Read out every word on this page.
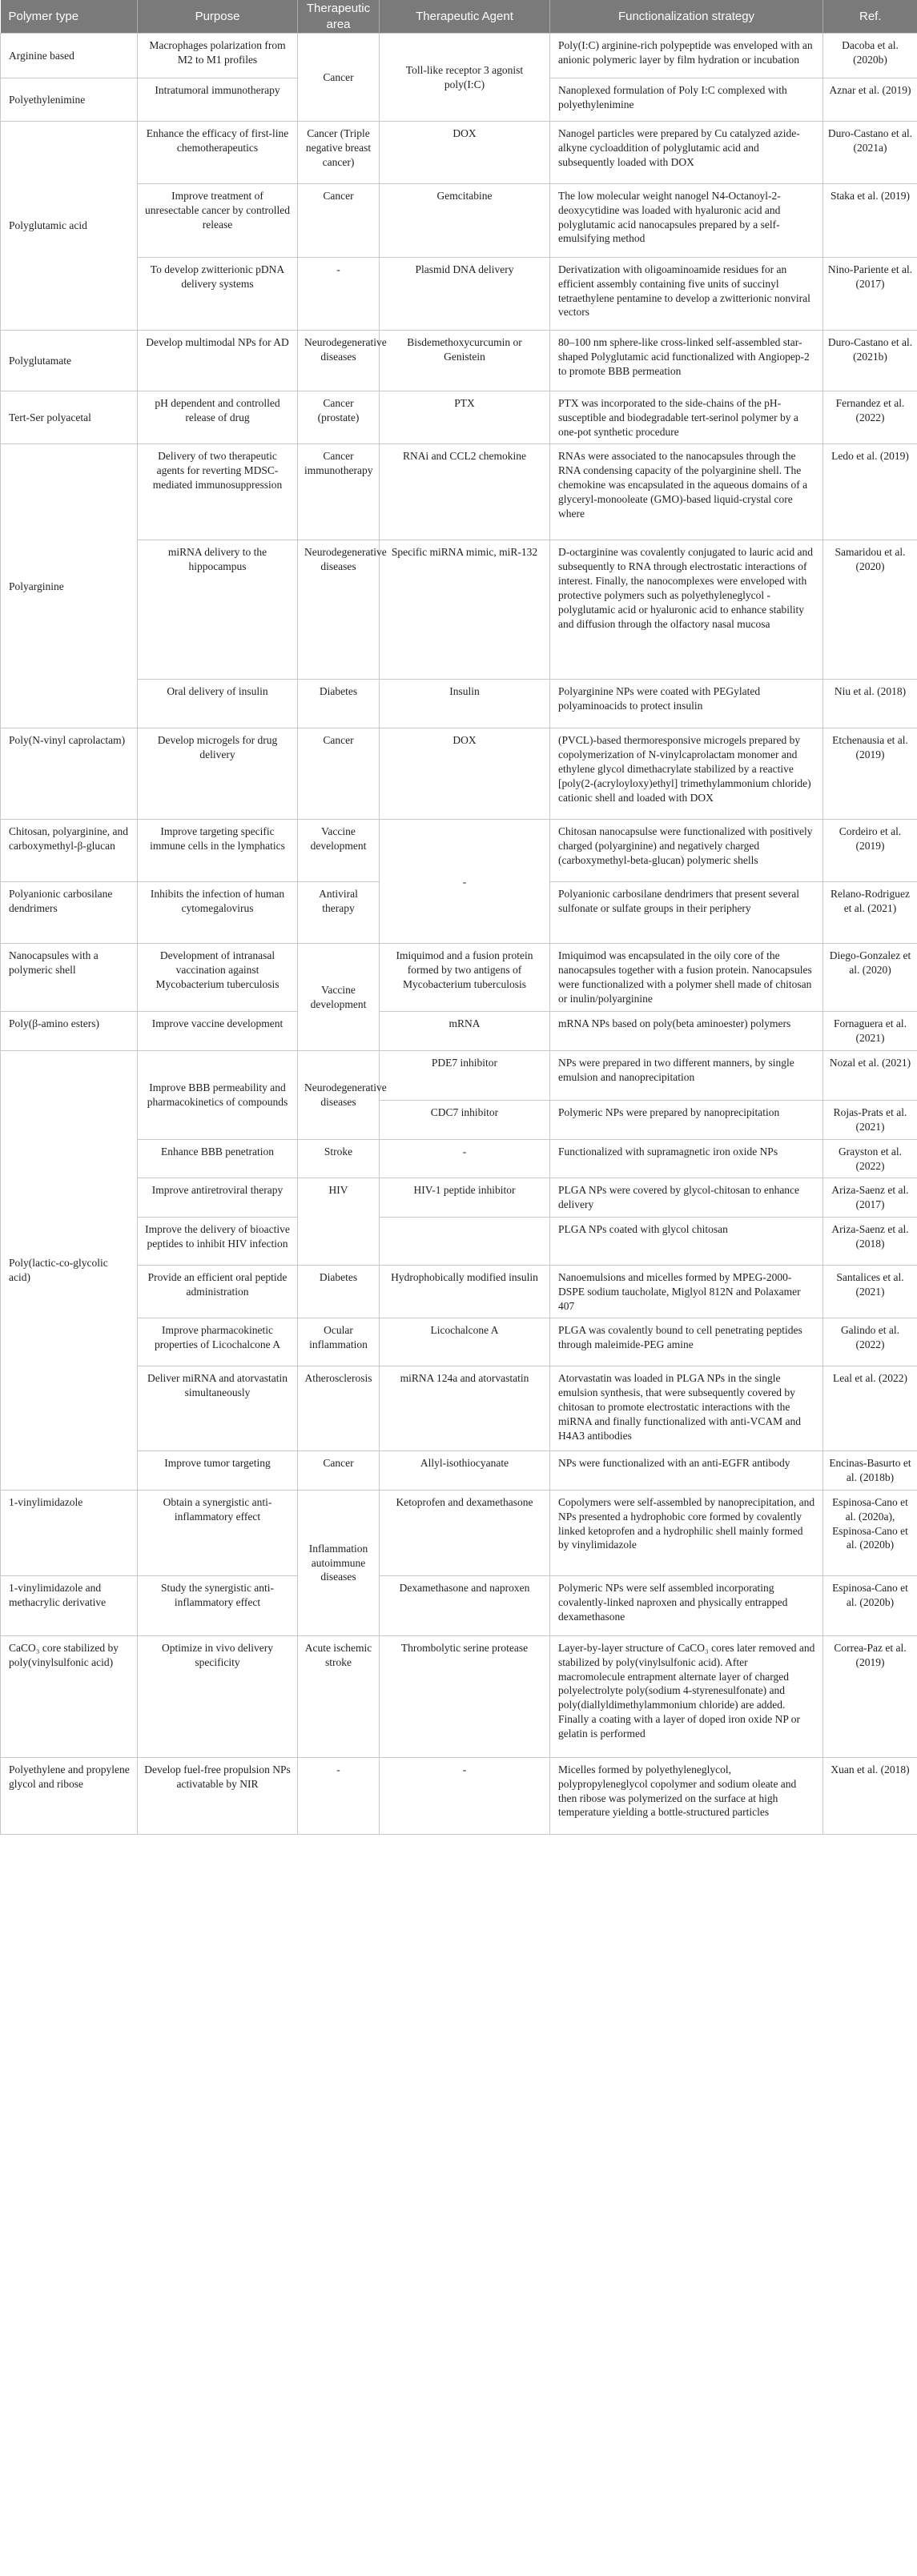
Polymer type	Purpose	Therapeutic area	Therapeutic Agent	Functionalization strategy	Ref.
Arginine based	Macrophages polarization from M2 to M1 profiles	Cancer	Toll-like receptor 3 agonist poly(I:C)	Poly(I:C) arginine-rich polypeptide was enveloped with an anionic polymeric layer by film hydration or incubation	Dacoba et al. (2020b)
Polyethylenimine	Intratumoral immunotherapy			Nanoplexed formulation of Poly I:C complexed with polyethylenimine	Aznar et al. (2019)
Polyglutamic acid	Enhance the efficacy of first-line chemotherapeutics	Cancer (Triple negative breast cancer)	DOX	Nanogel particles were prepared by Cu catalyzed azide-alkyne cycloaddition of polyglutamic acid and subsequently loaded with DOX	Duro-Castano et al. (2021a)
	Improve treatment of unresectable cancer by controlled release	Cancer	Gemcitabine	The low molecular weight nanogel N4-Octanoyl-2-deoxycytidine was loaded with hyaluronic acid and polyglutamic acid nanocapsules prepared by a self-emulsifying method	Staka et al. (2019)
	To develop zwitterionic pDNA delivery systems	-	Plasmid DNA delivery	Derivatization with oligoaminoamide residues for an efficient assembly containing five units of succinyl tetraethylene pentamine to develop a zwitterionic nonviral vectors	Nino-Pariente et al. (2017)
Polyglutamate	Develop multimodal NPs for AD	Neurodegenerative diseases	Bisdemethoxycurcumin or Genistein	80–100 nm sphere-like cross-linked self-assembled star-shaped Polyglutamic acid functionalized with Angiopep-2 to promote BBB permeation	Duro-Castano et al. (2021b)
Tert-Ser polyacetal	pH dependent and controlled release of drug	Cancer (prostate)	PTX	PTX was incorporated to the side-chains of the pH-susceptible and biodegradable tert-serinol polymer by a one-pot synthetic procedure	Fernandez et al. (2022)
Polyarginine	Delivery of two therapeutic agents for reverting MDSC-mediated immunosuppression	Cancer immunotherapy	RNAi and CCL2 chemokine	RNAs were associated to the nanocapsules through the RNA condensing capacity of the polyarginine shell. The chemokine was encapsulated in the aqueous domains of a glyceryl-monooleate (GMO)-based liquid-crystal core where	Ledo et al. (2019)
	miRNA delivery to the hippocampus	Neurodegenerative diseases	Specific miRNA mimic, miR-132	D-octarginine was covalently conjugated to lauric acid and subsequently to RNA through electrostatic interactions of interest. Finally, the nanocomplexes were enveloped with protective polymers such as polyethyleneglycol - polyglutamic acid or hyaluronic acid to enhance stability and diffusion through the olfactory nasal mucosa	Samaridou et al. (2020)
	Oral delivery of insulin	Diabetes	Insulin	Polyarginine NPs were coated with PEGylated polyaminoacids to protect insulin	Niu et al. (2018)
Poly(N-vinyl caprolactam)	Develop microgels for drug delivery	Cancer	DOX	(PVCL)-based thermoresponsive microgels prepared by copolymerization of N-vinylcaprolactam monomer and ethylene glycol dimethacrylate stabilized by a reactive [poly(2-(acryloyloxy)ethyl] trimethylammonium chloride) cationic shell and loaded with DOX	Etchenausia et al. (2019)
Chitosan, polyarginine, and carboxymethyl-β-glucan	Improve targeting specific immune cells in the lymphatics	Vaccine development	-	Chitosan nanocapsulse were functionalized with positively charged (polyarginine) and negatively charged (carboxymethyl-beta-glucan) polymeric shells	Cordeiro et al. (2019)
Polyanionic carbosilane dendrimers	Inhibits the infection of human cytomegalovirus	Antiviral therapy		Polyanionic carbosilane dendrimers that present several sulfonate or sulfate groups in their periphery	Relano-Rodriguez et al. (2021)
Nanocapsules with a polymeric shell	Development of intranasal vaccination against Mycobacterium tuberculosis	Vaccine development	Imiquimod and a fusion protein formed by two antigens of Mycobacterium tuberculosis	Imiquimod was encapsulated in the oily core of the nanocapsules together with a fusion protein. Nanocapsules were functionalized with a polymer shell made of chitosan or inulin/polyarginine	Diego-Gonzalez et al. (2020)
Poly(β-amino esters)	Improve vaccine development		mRNA	mRNA NPs based on poly(beta aminoester) polymers	Fornaguera et al. (2021)
Poly(lactic-co-glycolic acid)	Improve BBB permeability and pharmacokinetics of compounds	Neurodegenerative diseases	PDE7 inhibitor	NPs were prepared in two different manners, by single emulsion and nanoprecipitation	Nozal et al. (2021)
			CDC7 inhibitor	Polymeric NPs were prepared by nanoprecipitation	Rojas-Prats et al. (2021)
	Enhance BBB penetration	Stroke	-	Functionalized with supramagnetic iron oxide NPs	Grayston et al. (2022)
	Improve antiretroviral therapy	HIV	HIV-1 peptide inhibitor	PLGA NPs were covered by glycol-chitosan to enhance delivery	Ariza-Saenz et al. (2017)
	Improve the delivery of bioactive peptides to inhibit HIV infection			PLGA NPs coated with glycol chitosan	Ariza-Saenz et al. (2018)
	Provide an efficient oral peptide administration	Diabetes	Hydrophobically modified insulin	Nanoemulsions and micelles formed by MPEG-2000-DSPE sodium taucholate, Miglyol 812N and Polaxamer 407	Santalices et al. (2021)
	Improve pharmacokinetic properties of Licochalcone A	Ocular inflammation	Licochalcone A	PLGA was covalently bound to cell penetrating peptides through maleimide-PEG amine	Galindo et al. (2022)
	Deliver miRNA and atorvastatin simultaneously	Atherosclerosis	miRNA 124a and atorvastatin	Atorvastatin was loaded in PLGA NPs in the single emulsion synthesis, that were subsequently covered by chitosan to promote electrostatic interactions with the miRNA and finally functionalized with anti-VCAM and H4A3 antibodies	Leal et al. (2022)
	Improve tumor targeting	Cancer	Allyl-isothiocyanate	NPs were functionalized with an anti-EGFR antibody	Encinas-Basurto et al. (2018b)

1-vinylimidazole	Obtain a synergistic anti-inflammatory effect	Inflammation autoimmune diseases	Ketoprofen and dexamethasone	Copolymers were self-assembled by nanoprecipitation, and NPs presented a hydrophobic core formed by covalently linked ketoprofen and a hydrophilic shell mainly formed by vinylimidazole	Espinosa-Cano et al. (2020a), Espinosa-Cano et al. (2020b)
1-vinylimidazole and methacrylic derivative	Study the synergistic anti-inflammatory effect		Dexamethasone and naproxen	Polymeric NPs were self assembled incorporating covalently-linked naproxen and physically entrapped dexamethasone	Espinosa-Cano et al. (2020b)
CaCO₃ core stabilized by poly(vinylsulfonic acid)	Optimize in vivo delivery specificity	Acute ischemic stroke	Thrombolytic serine protease	Layer-by-layer structure of CaCO₃ cores later removed and stabilized by poly(vinylsulfonic acid). After macromolecule entrapment alternate layer of charged polyelectrolyte poly(sodium 4-styrenesulfonate) and poly(diallyldimethylammonium chloride) are added. Finally a coating with a layer of doped iron oxide NP or gelatin is performed	Correa-Paz et al. (2019)
Polyethylene and propylene glycol and ribose	Develop fuel-free propulsion NPs activatable by NIR	-	-	Micelles formed by polyethyleneglycol, polypropyleneglycol copolymer and sodium oleate and then ribose was polymerized on the surface at high temperature yielding a bottle-structured particles	Xuan et al. (2018)
